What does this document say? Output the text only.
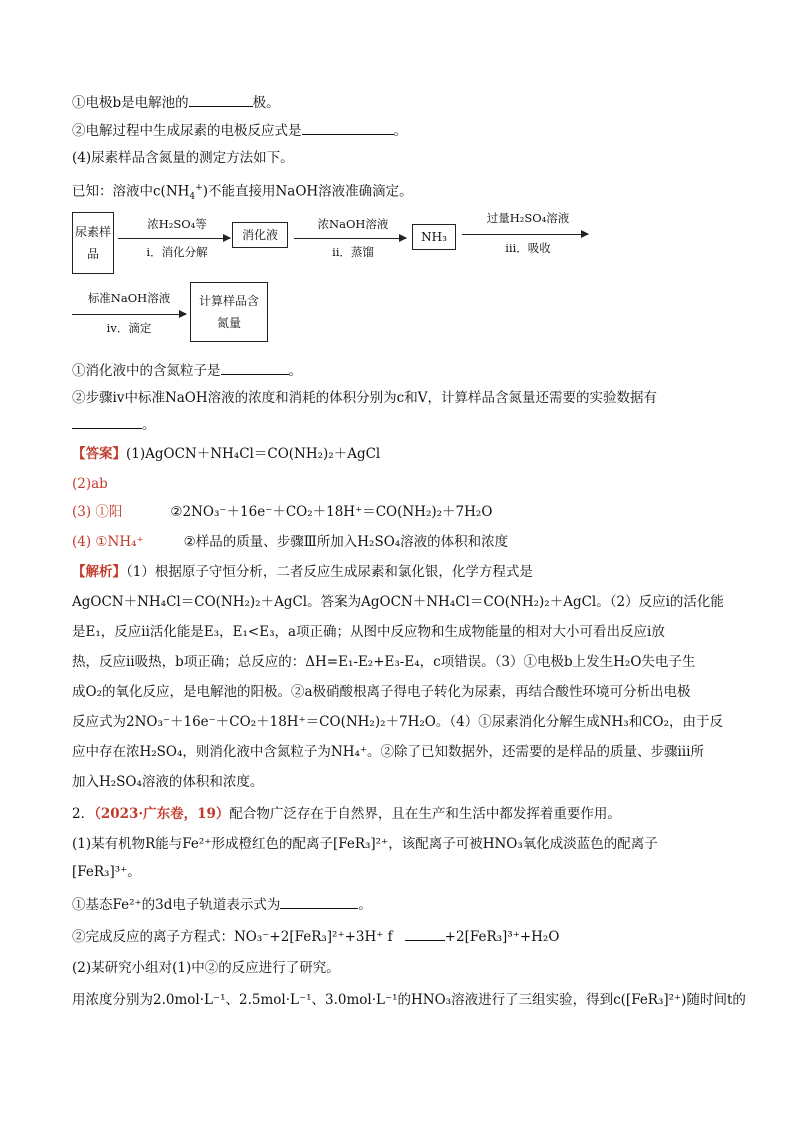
①电极b是电解池的	极。
②电解过程中生成尿素的电极反应式是	。
(4)尿素样品含氮量的测定方法如下。
已知：溶液中$c(NH_4^+)$不能直接用NaOH溶液准确滴定。
尿素样品
浓H₂SO₄等
ⅰ．消化分解
消化液
浓NaOH溶液
ⅱ．蒸馏
NH₃
过量H₂SO₄溶液
ⅲ．吸收
标准NaOH溶液
ⅳ．滴定
计算样品含氮量
①消化液中的含氮粒子是	。
②步骤ⅳ中标准NaOH溶液的浓度和消耗的体积分别为c和V，计算样品含氮量还需要的实验数据有
。
【答案】(1)AgOCN＋NH₄Cl＝CO(NH₂)₂＋AgCl
(2)ab
(3) ①阳	②2NO₃⁻＋16e⁻＋CO₂＋18H⁺＝CO(NH₂)₂＋7H₂O
(4) ①NH₄⁺	②样品的质量、步骤Ⅲ所加入H₂SO₄溶液的体积和浓度
【解析】（1）根据原子守恒分析，二者反应生成尿素和氯化银，化学方程式是
AgOCN＋NH₄Cl＝CO(NH₂)₂＋AgCl。答案为AgOCN＋NH₄Cl＝CO(NH₂)₂＋AgCl。（2）反应ⅰ的活化能
是E₁，反应ⅱ活化能是E₃，E₁<E₃，a项正确；从图中反应物和生成物能量的相对大小可看出反应ⅰ放
热，反应ⅱ吸热，b项正确；总反应的：ΔH=E₁-E₂+E₃-E₄，c项错误。（3）①电极b上发生H₂O失电子生
成O₂的氧化反应，是电解池的阳极。②a极硝酸根离子得电子转化为尿素，再结合酸性环境可分析出电极
反应式为2NO₃⁻＋16e⁻＋CO₂＋18H⁺＝CO(NH₂)₂＋7H₂O。（4）①尿素消化分解生成NH₃和CO₂，由于反
应中存在浓H₂SO₄，则消化液中含氮粒子为NH₄⁺。②除了已知数据外，还需要的是样品的质量、步骤ⅲ所
加入H₂SO₄溶液的体积和浓度。
2．（2023·广东卷，19）配合物广泛存在于自然界，且在生产和生活中都发挥着重要作用。
(1)某有机物R能与Fe²⁺形成橙红色的配离子[FeR₃]²⁺，该配离子可被HNO₃氧化成淡蓝色的配离子
[FeR₃]³⁺。
①基态Fe²⁺的3d电子轨道表示式为	。
②完成反应的离子方程式：NO₃⁻+2[FeR₃]²⁺+3H⁺ f	+2[FeR₃]³⁺+H₂O
(2)某研究小组对(1)中②的反应进行了研究。
用浓度分别为2.0mol·L⁻¹、2.5mol·L⁻¹、3.0mol·L⁻¹的HNO₃溶液进行了三组实验，得到c([FeR₃]²⁺)随时间t的
